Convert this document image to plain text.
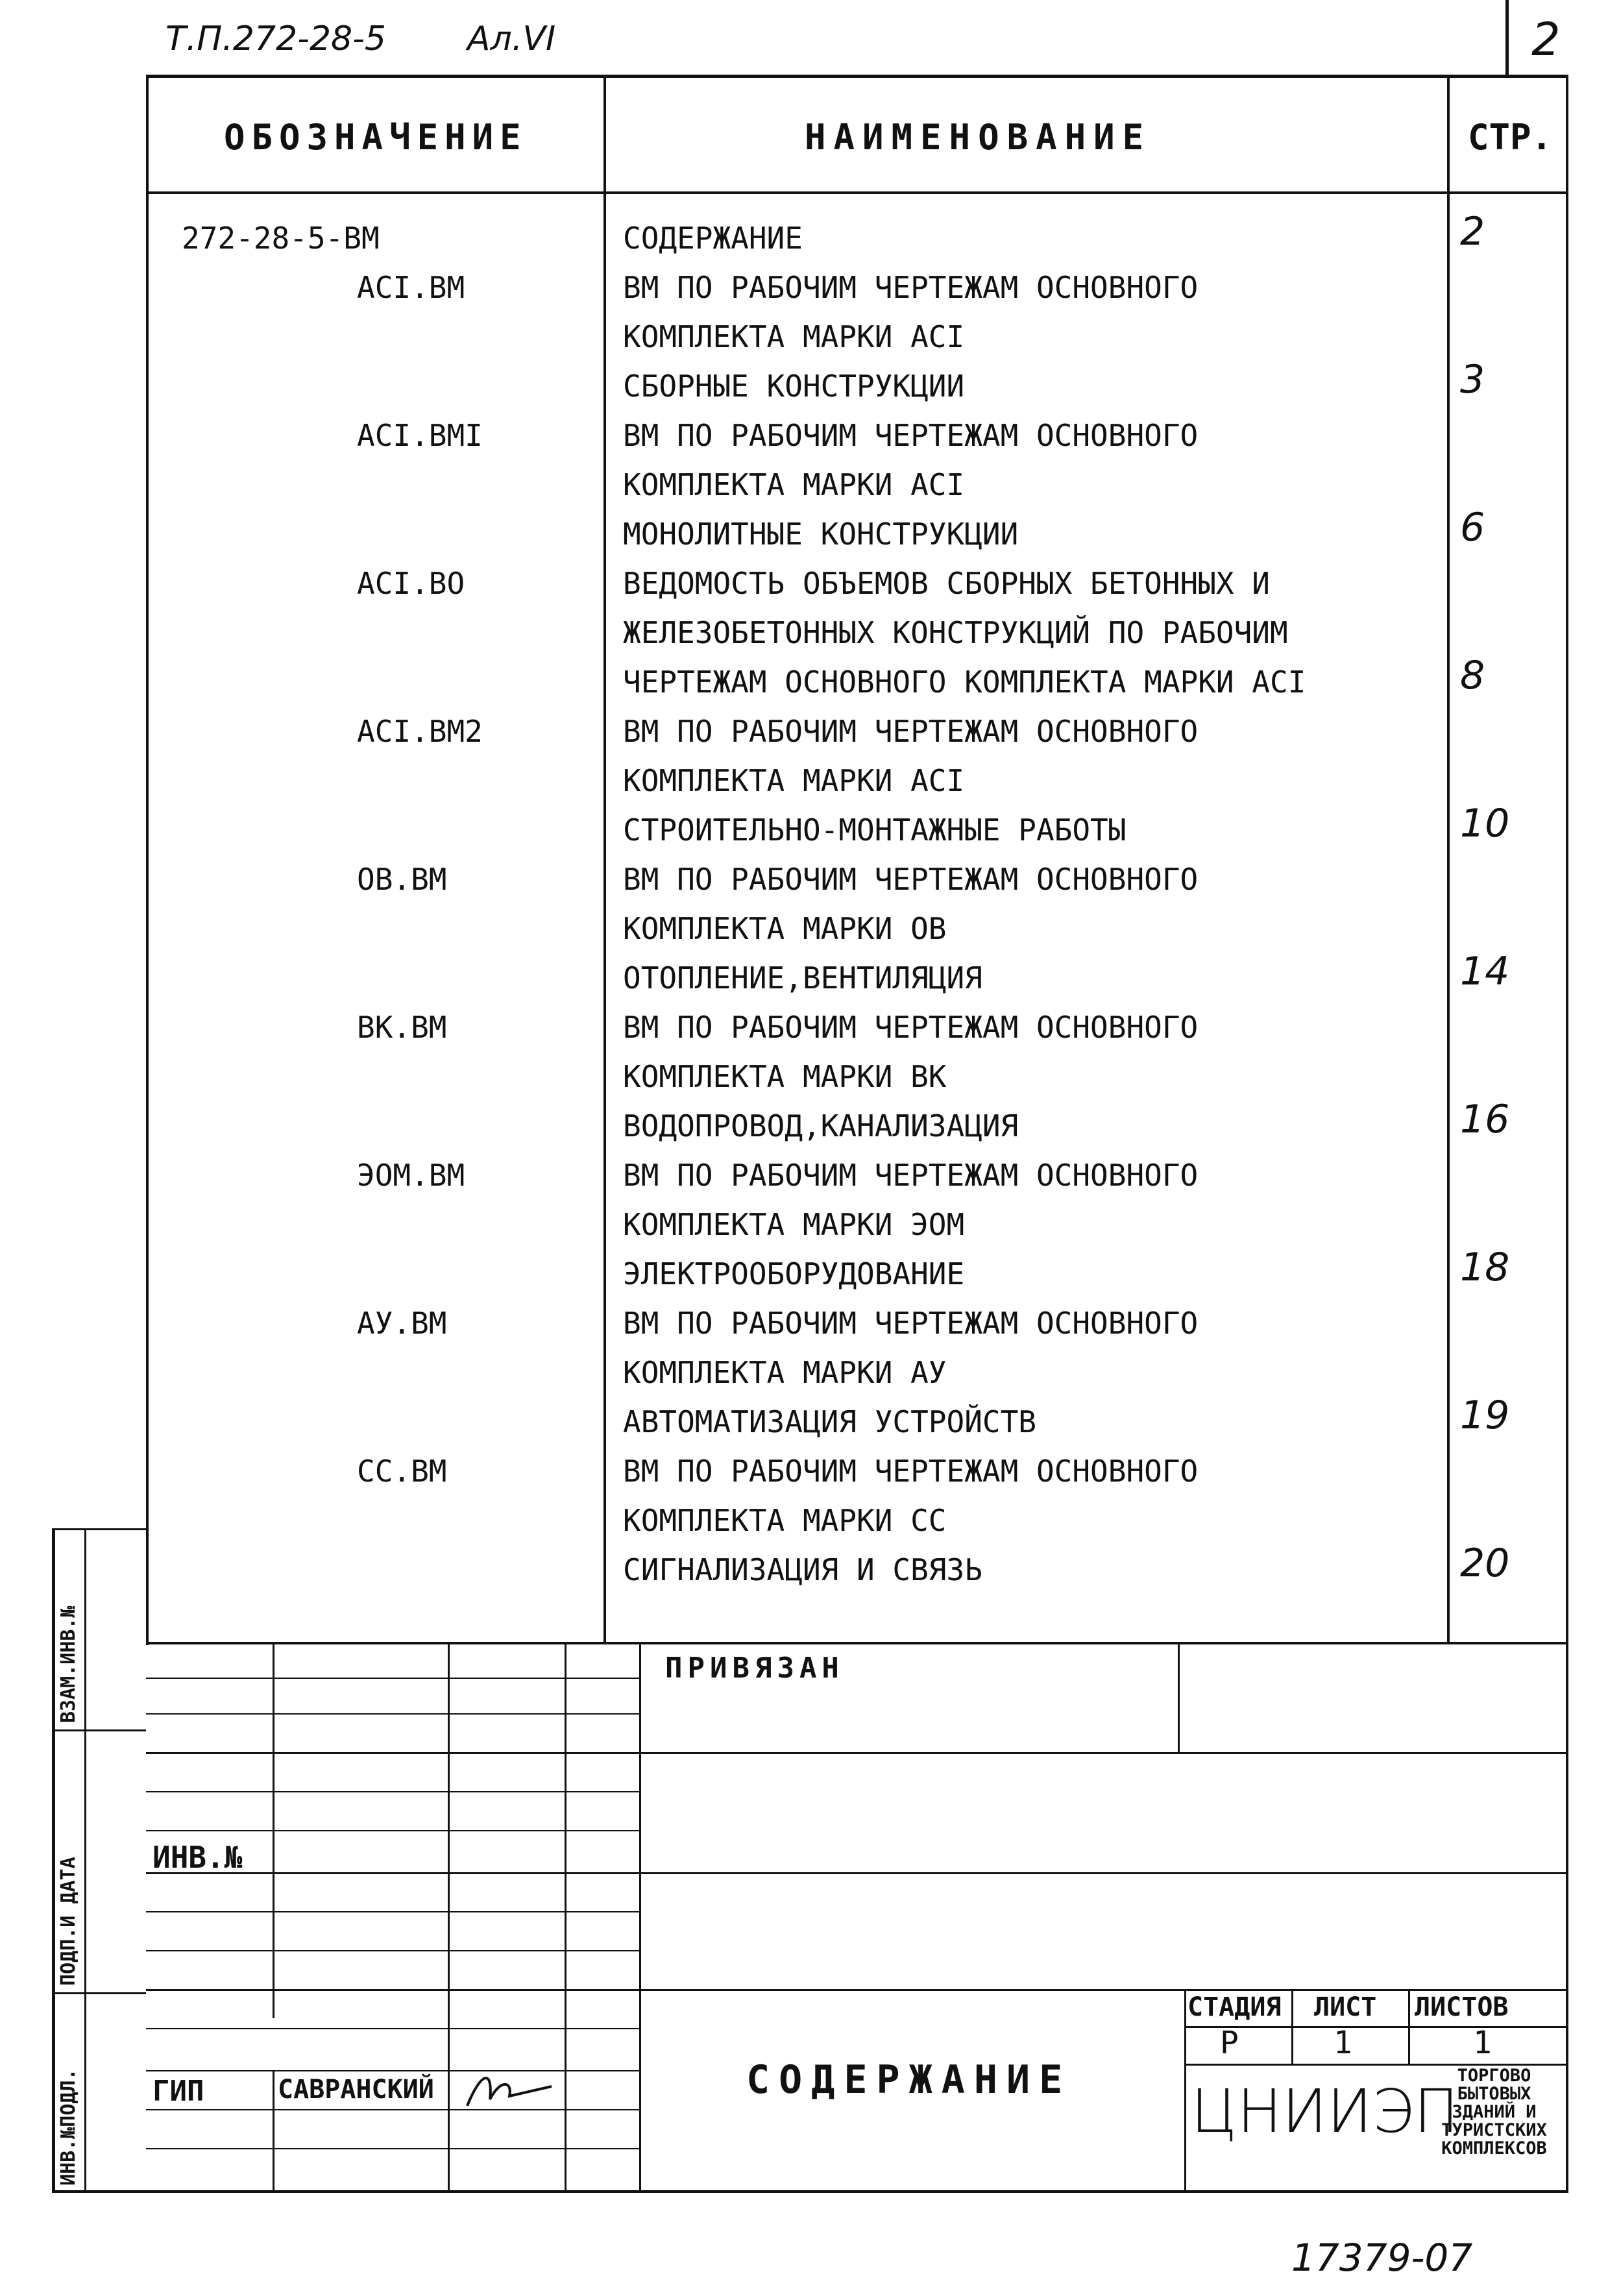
Т.П.272-28-5 Ал.VI	2
ОБОЗНАЧЕНИЕ	НАИМЕНОВАНИЕ	СТР.
272-28-5-ВМ	СОДЕРЖАНИЕ	2
АСI.ВМ	ВМ ПО РАБОЧИМ ЧЕРТЕЖАМ ОСНОВНОГО
КОМПЛЕКТА МАРКИ АСI
СБОРНЫЕ КОНСТРУКЦИИ	3
АСI.ВМI	ВМ ПО РАБОЧИМ ЧЕРТЕЖАМ ОСНОВНОГО
КОМПЛЕКТА МАРКИ АСI
МОНОЛИТНЫЕ КОНСТРУКЦИИ	6
АСI.ВО	ВЕДОМОСТЬ ОБЪЕМОВ СБОРНЫХ БЕТОННЫХ И
ЖЕЛЕЗОБЕТОННЫХ КОНСТРУКЦИЙ ПО РАБОЧИМ
ЧЕРТЕЖАМ ОСНОВНОГО КОМПЛЕКТА МАРКИ АСI	8
АСI.ВМ2	ВМ ПО РАБОЧИМ ЧЕРТЕЖАМ ОСНОВНОГО
КОМПЛЕКТА МАРКИ АСI
СТРОИТЕЛЬНО-МОНТАЖНЫЕ РАБОТЫ	10
ОВ.ВМ	ВМ ПО РАБОЧИМ ЧЕРТЕЖАМ ОСНОВНОГО
КОМПЛЕКТА МАРКИ ОВ
ОТОПЛЕНИЕ,ВЕНТИЛЯЦИЯ	14
ВК.ВМ	ВМ ПО РАБОЧИМ ЧЕРТЕЖАМ ОСНОВНОГО
КОМПЛЕКТА МАРКИ ВК
ВОДОПРОВОД,КАНАЛИЗАЦИЯ	16
ЭОМ.ВМ	ВМ ПО РАБОЧИМ ЧЕРТЕЖАМ ОСНОВНОГО
КОМПЛЕКТА МАРКИ ЭОМ
ЭЛЕКТРООБОРУДОВАНИЕ	18
АУ.ВМ	ВМ ПО РАБОЧИМ ЧЕРТЕЖАМ ОСНОВНОГО
КОМПЛЕКТА МАРКИ АУ
АВТОМАТИЗАЦИЯ УСТРОЙСТВ	19
СС.ВМ	ВМ ПО РАБОЧИМ ЧЕРТЕЖАМ ОСНОВНОГО
КОМПЛЕКТА МАРКИ СС
СИГНАЛИЗАЦИЯ И СВЯЗЬ	20
ПРИВЯЗАН
ИНВ.№
ГИП	САВРАНСКИЙ	СОДЕРЖАНИЕ
СТАДИЯ ЛИСТ ЛИСТОВ
Р	1	1
ЦНИИЭП
ТОРГОВО БЫТОВЫХ ЗДАНИЙ И ТУРИСТСКИХ КОМПЛЕКСОВ
ВЗАМ.ИНВ.№
ПОДП.И ДАТА
ИНВ.№ПОДЛ.
17379-07
